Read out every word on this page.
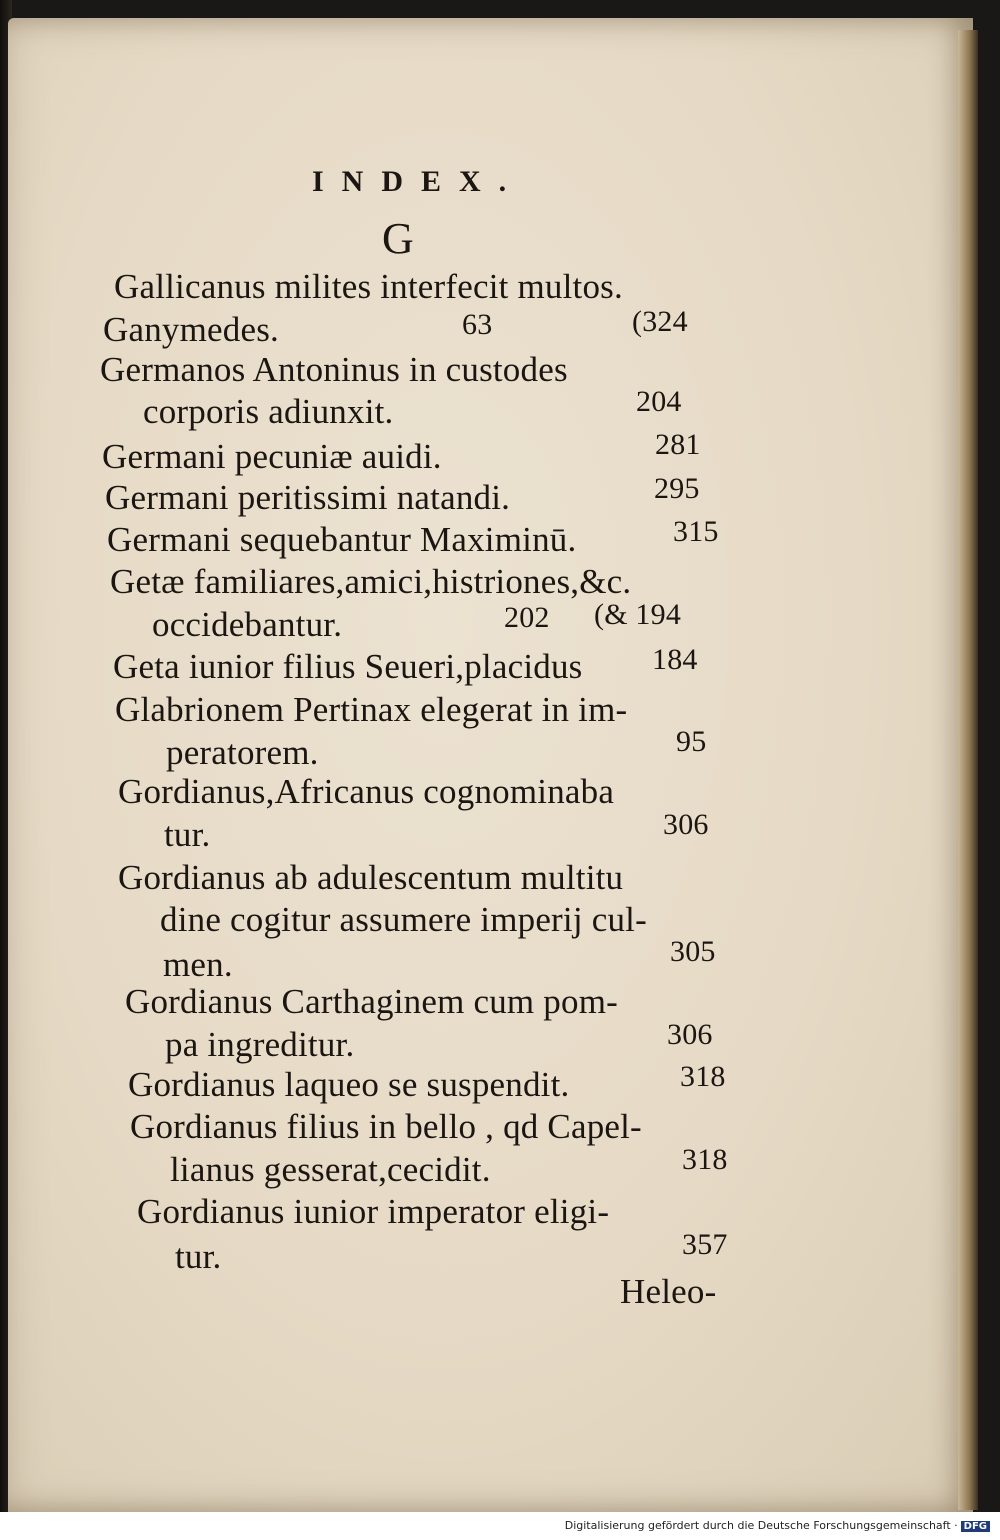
INDEX.
G
Gallicanus milites interfecit multos.
Ganymedes.	63	(324
Germanos Antoninus in custodes
corporis adiunxit.	204
Germani pecuniæ auidi.	281
Germani peritissimi natandi.	295
Germani sequebantur Maximinū.	315
Getæ familiares,amici,histriones,&c.
occidebantur.	202 (& 194
Geta iunior filius Seueri,placidus 184
Glabrionem Pertinax elegerat in im-
peratorem.	95
Gordianus,Africanus cognominaba
tur.	306
Gordianus ab adulescentum multitu
dine cogitur assumere imperij cul-
men.	305
Gordianus Carthaginem cum pom-
pa ingreditur.	306
Gordianus laqueo se suspendit.	318
Gordianus filius in bello , qd Capel-
lianus gesserat,cecidit.	318
Gordianus iunior imperator eligi-
tur.	357
Heleo-
Digitalisierung gefördert durch die Deutsche Forschungsgemeinschaft · DFG
